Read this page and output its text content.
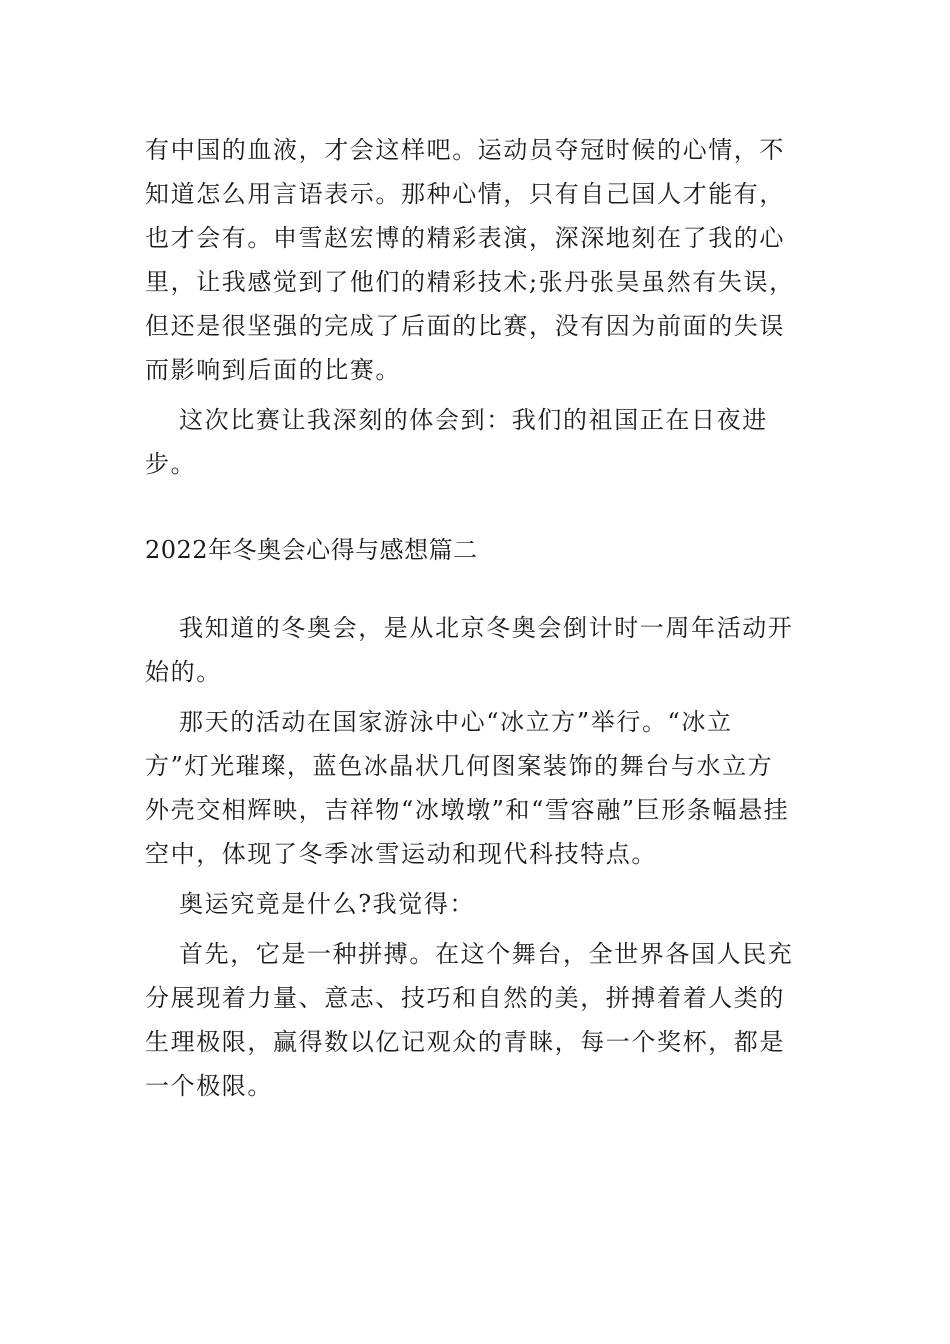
有中国的血液，才会这样吧。运动员夺冠时候的心情，不知道怎么用言语表示。那种心情，只有自己国人才能有，也才会有。申雪赵宏博的精彩表演，深深地刻在了我的心里，让我感觉到了他们的精彩技术;张丹张昊虽然有失误，但还是很坚强的完成了后面的比赛，没有因为前面的失误而影响到后面的比赛。

这次比赛让我深刻的体会到：我们的祖国正在日夜进步。

2022年冬奥会心得与感想篇二

我知道的冬奥会，是从北京冬奥会倒计时一周年活动开始的。

那天的活动在国家游泳中心“冰立方”举行。“冰立方”灯光璀璨，蓝色冰晶状几何图案装饰的舞台与水立方外壳交相辉映，吉祥物“冰墩墩”和“雪容融”巨形条幅悬挂空中，体现了冬季冰雪运动和现代科技特点。

奥运究竟是什么?我觉得：

首先，它是一种拼搏。在这个舞台，全世界各国人民充分展现着力量、意志、技巧和自然的美，拼搏着着人类的生理极限，赢得数以亿记观众的青睐，每一个奖杯，都是一个极限。
